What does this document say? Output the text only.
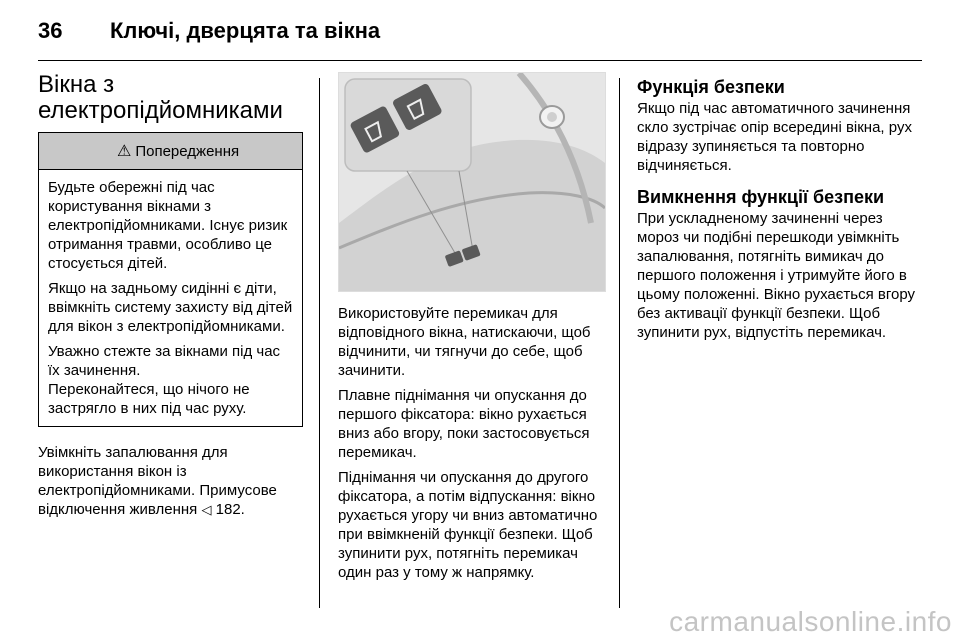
36 Ключі, дверцята та вікна
Вікна з
електропідйомниками
⚠ Попередження

Будьте обережні під час користування вікнами з електропідйомниками. Існує ризик отримання травми, особливо це стосується дітей.

Якщо на задньому сидінні є діти, ввімкніть систему захисту від дітей для вікон з електропідйомниками.

Уважно стежте за вікнами під час їх зачинення.

Переконайтеся, що нічого не застрягло в них під час руху.

Увімкніть запалювання для використання вікон із електропідйомниками. Примусове відключення живлення ◁ 182.

Використовуйте перемикач для відповідного вікна, натискаючи, щоб відчинити, чи тягнучи до себе, щоб зачинити.

Плавне піднімання чи опускання до першого фіксатора: вікно рухається вниз або вгору, поки застосовується перемикач.

Піднімання чи опускання до другого фіксатора, а потім відпускання: вікно рухається угору чи вниз автоматично при ввімкненій функції безпеки. Щоб зупинити рух, потягніть перемикач один раз у тому ж напрямку.

Функція безпеки

Якщо під час автоматичного зачинення скло зустрічає опір всередині вікна, рух відразу зупиняється та повторно відчиняється.

Вимкнення функції безпеки

При ускладненому зачиненні через мороз чи подібні перешкоди увімкніть запалювання, потягніть вимикач до першого положення і утримуйте його в цьому положенні. Вікно рухається вгору без активації функції безпеки. Щоб зупинити рух, відпустіть перемикач.

carmanualsonline.info
